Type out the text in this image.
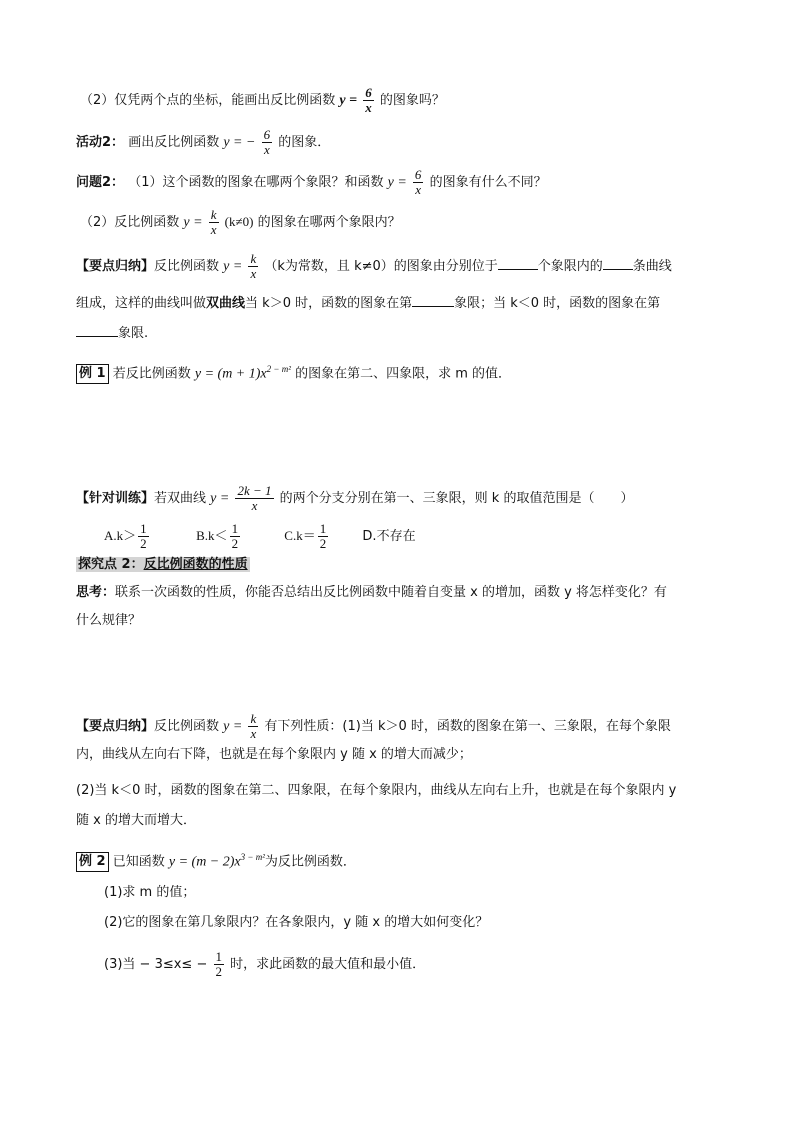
（2）仅凭两个点的坐标，能画出反比例函数 $y = \frac{6}{x}$ 的图象吗？
活动2： 画出反比例函数 y = − $\frac{6}{x}$ 的图象．
问题2： （1）这个函数的图象在哪两个象限？和函数 $y = \frac{6}{x}$ 的图象有什么不同？
（2）反比例函数 $y = \frac{k}{x} (k\ne 0)$ 的图象在哪两个象限内？
【要点归纳】反比例函数 $y = \frac{k}{x} (k$为常数，且 k≠0）的图象由分别位于	个象限内的 条曲线
组成，这样的曲线叫做双曲线当 k＞0 时，函数的图象在第	象限；当 k＜0 时，函数的图象在第
象限.
例 1 若反比例函数 $y = (m + 1)x^{2 - m^2}$ 的图象在第二、四象限，求 m 的值．
【针对训练】若双曲线 $y = \frac{2k - 1}{x}$ 的两个分支分别在第一、三象限，则 k 的取值范围是（　　）
$A.k> \frac{1}{2}$	$B.k< \frac{1}{2}$	$C.k= \frac{1}{2}$	D.不存在
探究点 2：反比例函数的性质
思考：联系一次函数的性质，你能否总结出反比例函数中随着自变量 x 的增加，函数 y 将怎样变化？有
什么规律？
【要点归纳】反比例函数 $y = \frac{k}{x}$ 有下列性质：(1)当 k＞0 时，函数的图象在第一、三象限，在每个象限
内，曲线从左向右下降，也就是在每个象限内 y 随 x 的增大而减少；
(2)当 k＜0 时，函数的图象在第二、四象限，在每个象限内，曲线从左向右上升，也就是在每个象限内 y
随 x 的增大而增大．
例 2 已知函数 $y = (m - 2)x^{3 - m^2}$为反比例函数．
(1)求 m 的值；
(2)它的图象在第几象限内？在各象限内，y 随 x 的增大如何变化？
(3)当 − $3\le x\le - \frac{1}{2}$ 时，求此函数的最大值和最小值．
